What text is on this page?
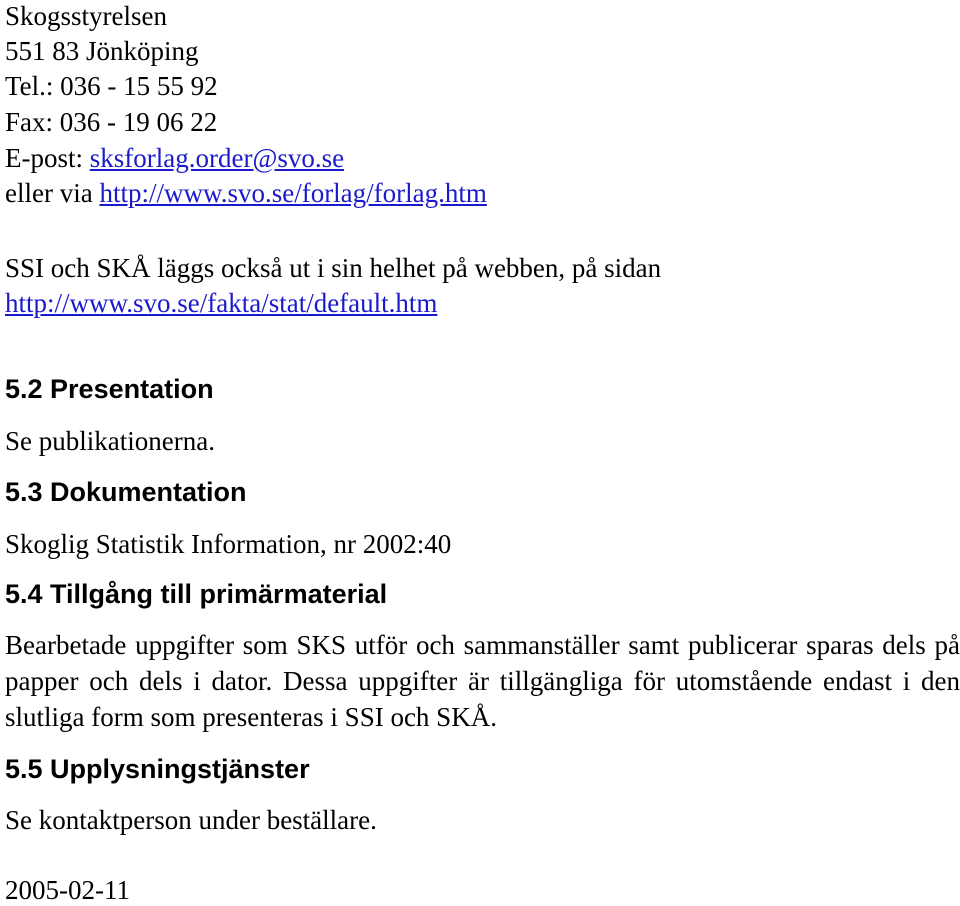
Skogsstyrelsen
551 83 Jönköping
Tel.: 036 - 15 55 92
Fax: 036 - 19 06 22
E-post: sksforlag.order@svo.se
eller via http://www.svo.se/forlag/forlag.htm
SSI och SKÅ läggs också ut i sin helhet på webben, på sidan
http://www.svo.se/fakta/stat/default.htm
5.2 Presentation
Se publikationerna.
5.3 Dokumentation
Skoglig Statistik Information, nr 2002:40
5.4 Tillgång till primärmaterial
Bearbetade uppgifter som SKS utför och sammanställer samt publicerar sparas dels på papper och dels i dator. Dessa uppgifter är tillgängliga för utomstående endast i den slutliga form som presenteras i SSI och SKÅ.
5.5 Upplysningstjänster
Se kontaktperson under beställare.
2005-02-11
